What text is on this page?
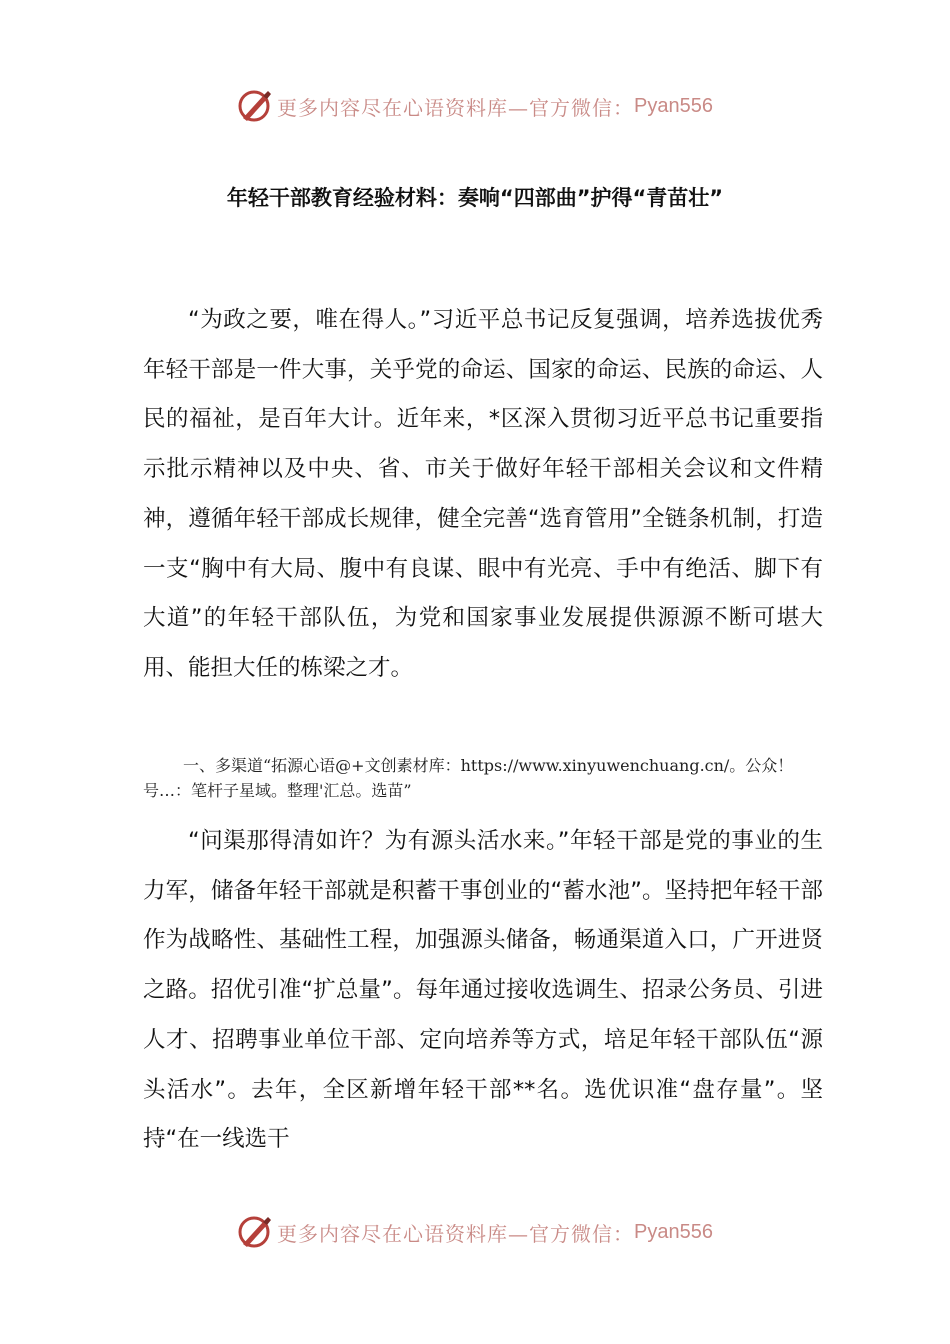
更多内容尽在心语资料库—官方微信： Pyan556
年轻干部教育经验材料：奏响“四部曲”护得“青苗壮”

“为政之要，唯在得人。”习近平总书记反复强调，培养选拔优秀年轻干部是一件大事，关乎党的命运、国家的命运、民族的命运、人民的福祉，是百年大计。近年来，*区深入贯彻习近平总书记重要指示批示精神以及中央、省、市关于做好年轻干部相关会议和文件精神，遵循年轻干部成长规律，健全完善“选育管用”全链条机制，打造一支“胸中有大局、腹中有良谋、眼中有光亮、手中有绝活、脚下有大道”的年轻干部队伍，为党和国家事业发展提供源源不断可堪大用、能担大任的栋梁之才。

一、多渠道“拓源心语@+文创素材库：https://www.xinyuwenchuang.cn/。公众！号…：笔杆子星域。整理'汇总。选苗”

“问渠那得清如许？为有源头活水来。”年轻干部是党的事业的生力军，储备年轻干部就是积蓄干事创业的“蓄水池”。坚持把年轻干部作为战略性、基础性工程，加强源头储备，畅通渠道入口，广开进贤之路。招优引准“扩总量”。每年通过接收选调生、招录公务员、引进人才、招聘事业单位干部、定向培养等方式，培足年轻干部队伍“源头活水”。去年，全区新增年轻干部**名。选优识准“盘存量”。坚持“在一线选干

更多内容尽在心语资料库—官方微信： Pyan556
